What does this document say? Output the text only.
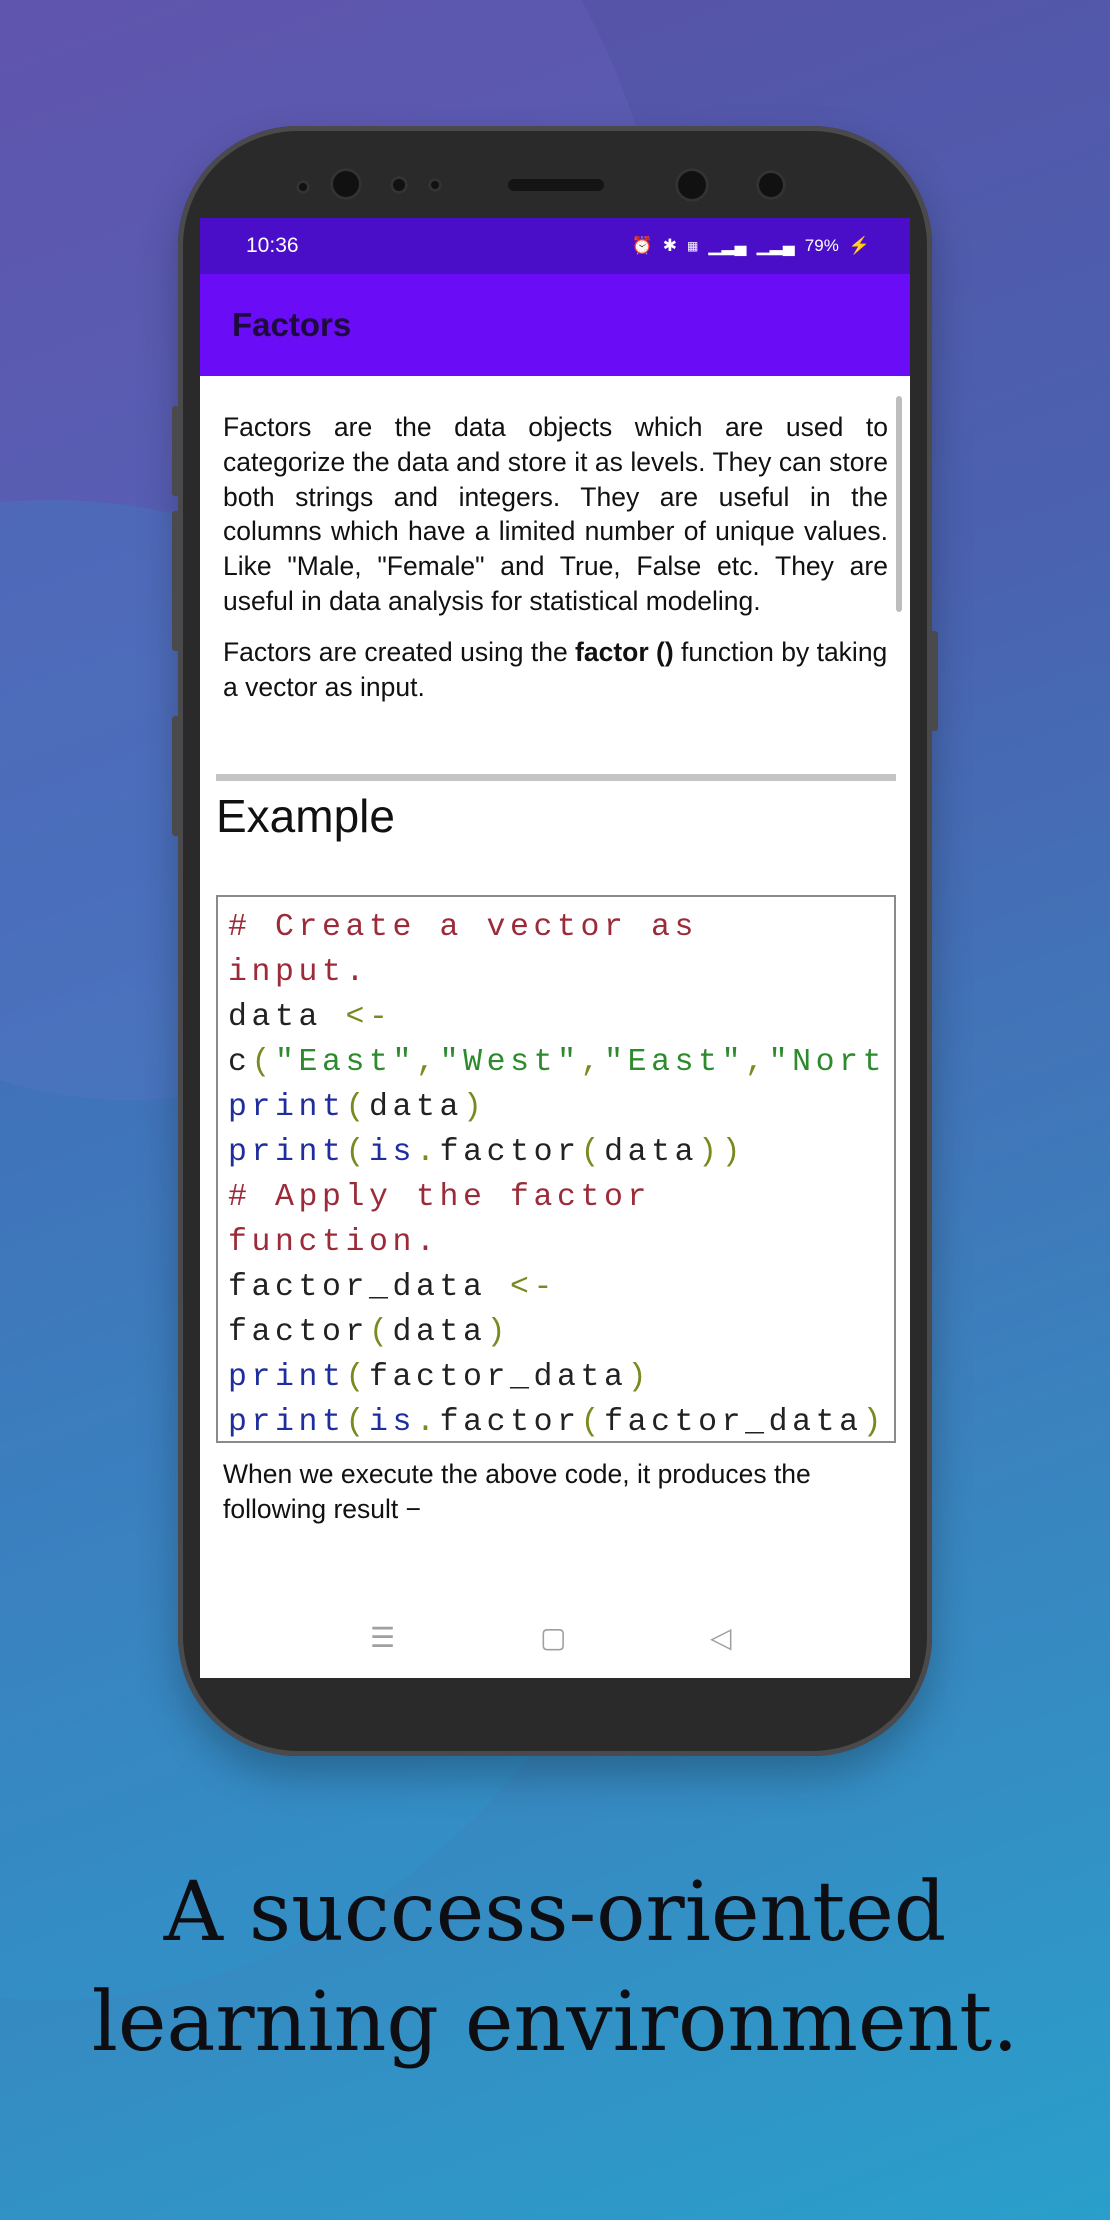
10:36	⏰ ✱ ▦ ▁▂▄ ▁▂▄ 79% ⚡
Factors

Factors are the data objects which are used to categorize the data and store it as levels. They can store both strings and integers. They are useful in the columns which have a limited number of unique values. Like "Male, "Female" and True, False etc. They are useful in data analysis for statistical modeling.

Factors are created using the factor () function by taking a vector as input.

Example
# Create a vector as
input.
data <-
c("East","West","East","Nort
print(data)
print(is.factor(data))
# Apply the factor
function.
factor_data <-
factor(data)
print(factor_data)
print(is.factor(factor_data)

When we execute the above code, it produces the following result −

☰	▢	◁
A success-oriented
learning environment.
